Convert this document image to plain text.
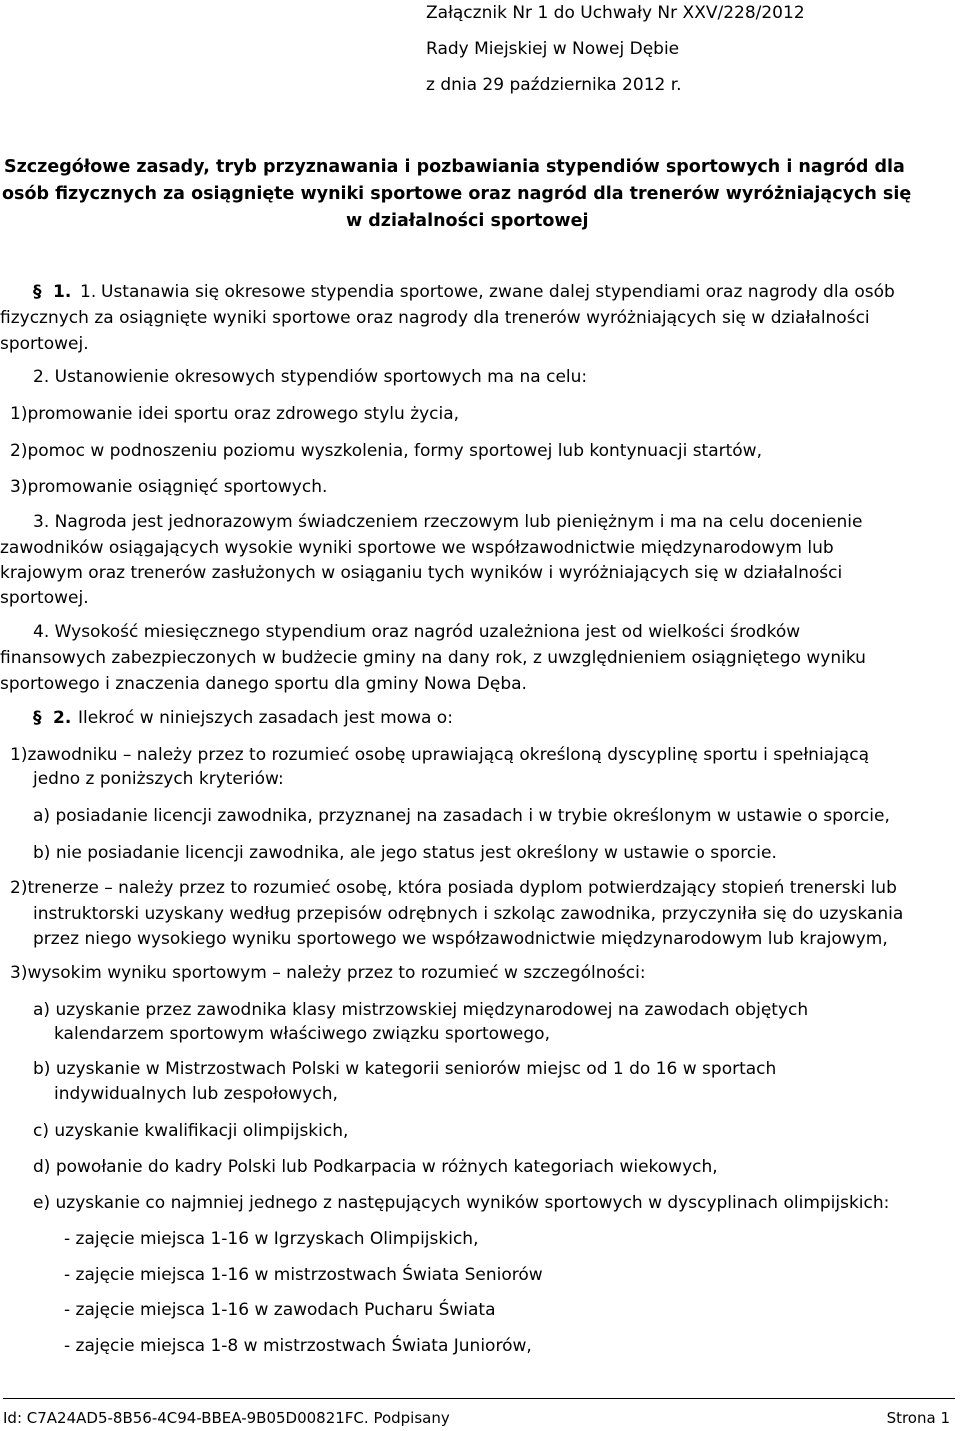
Załącznik Nr 1 do Uchwały Nr XXV/228/2012
Rady Miejskiej w Nowej Dębie
z dnia 29 października 2012 r.
Szczegółowe zasady, tryb przyznawania i pozbawiania stypendiów sportowych i nagród dla
osób fizycznych za osiągnięte wyniki sportowe oraz nagród dla trenerów wyróżniających się
w działalności sportowej
§ 1. 1. Ustanawia się okresowe stypendia sportowe, zwane dalej stypendiami oraz nagrody dla osób
fizycznych za osiągnięte wyniki sportowe oraz nagrody dla trenerów wyróżniających się w działalności
sportowej.
2. Ustanowienie okresowych stypendiów sportowych ma na celu:
1)promowanie idei sportu oraz zdrowego stylu życia,
2)pomoc w podnoszeniu poziomu wyszkolenia, formy sportowej lub kontynuacji startów,
3)promowanie osiągnięć sportowych.
3. Nagroda jest jednorazowym świadczeniem rzeczowym lub pieniężnym i ma na celu docenienie
zawodników osiągających wysokie wyniki sportowe we współzawodnictwie międzynarodowym lub
krajowym oraz trenerów zasłużonych w osiąganiu tych wyników i wyróżniających się w działalności
sportowej.
4. Wysokość miesięcznego stypendium oraz nagród uzależniona jest od wielkości środków
finansowych zabezpieczonych w budżecie gminy na dany rok, z uwzględnieniem osiągniętego wyniku
sportowego i znaczenia danego sportu dla gminy Nowa Dęba.
§ 2. Ilekroć w niniejszych zasadach jest mowa o:
1)zawodniku – należy przez to rozumieć osobę uprawiającą określoną dyscyplinę sportu i spełniającą
jedno z poniższych kryteriów:
a) posiadanie licencji zawodnika, przyznanej na zasadach i w trybie określonym w ustawie o sporcie,
b) nie posiadanie licencji zawodnika, ale jego status jest określony w ustawie o sporcie.
2)trenerze – należy przez to rozumieć osobę, która posiada dyplom potwierdzający stopień trenerski lub
instruktorski uzyskany według przepisów odrębnych i szkoląc zawodnika, przyczyniła się do uzyskania
przez niego wysokiego wyniku sportowego we współzawodnictwie międzynarodowym lub krajowym,
3)wysokim wyniku sportowym – należy przez to rozumieć w szczególności:
a) uzyskanie przez zawodnika klasy mistrzowskiej międzynarodowej na zawodach objętych
kalendarzem sportowym właściwego związku sportowego,
b) uzyskanie w Mistrzostwach Polski w kategorii seniorów miejsc od 1 do 16 w sportach
indywidualnych lub zespołowych,
c) uzyskanie kwalifikacji olimpijskich,
d) powołanie do kadry Polski lub Podkarpacia w różnych kategoriach wiekowych,
e) uzyskanie co najmniej jednego z następujących wyników sportowych w dyscyplinach olimpijskich:
- zajęcie miejsca 1-16 w Igrzyskach Olimpijskich,
- zajęcie miejsca 1-16 w mistrzostwach Świata Seniorów
- zajęcie miejsca 1-16 w zawodach Pucharu Świata
- zajęcie miejsca 1-8 w mistrzostwach Świata Juniorów,
Id: C7A24AD5-8B56-4C94-BBEA-9B05D00821FC. Podpisany	Strona 1
